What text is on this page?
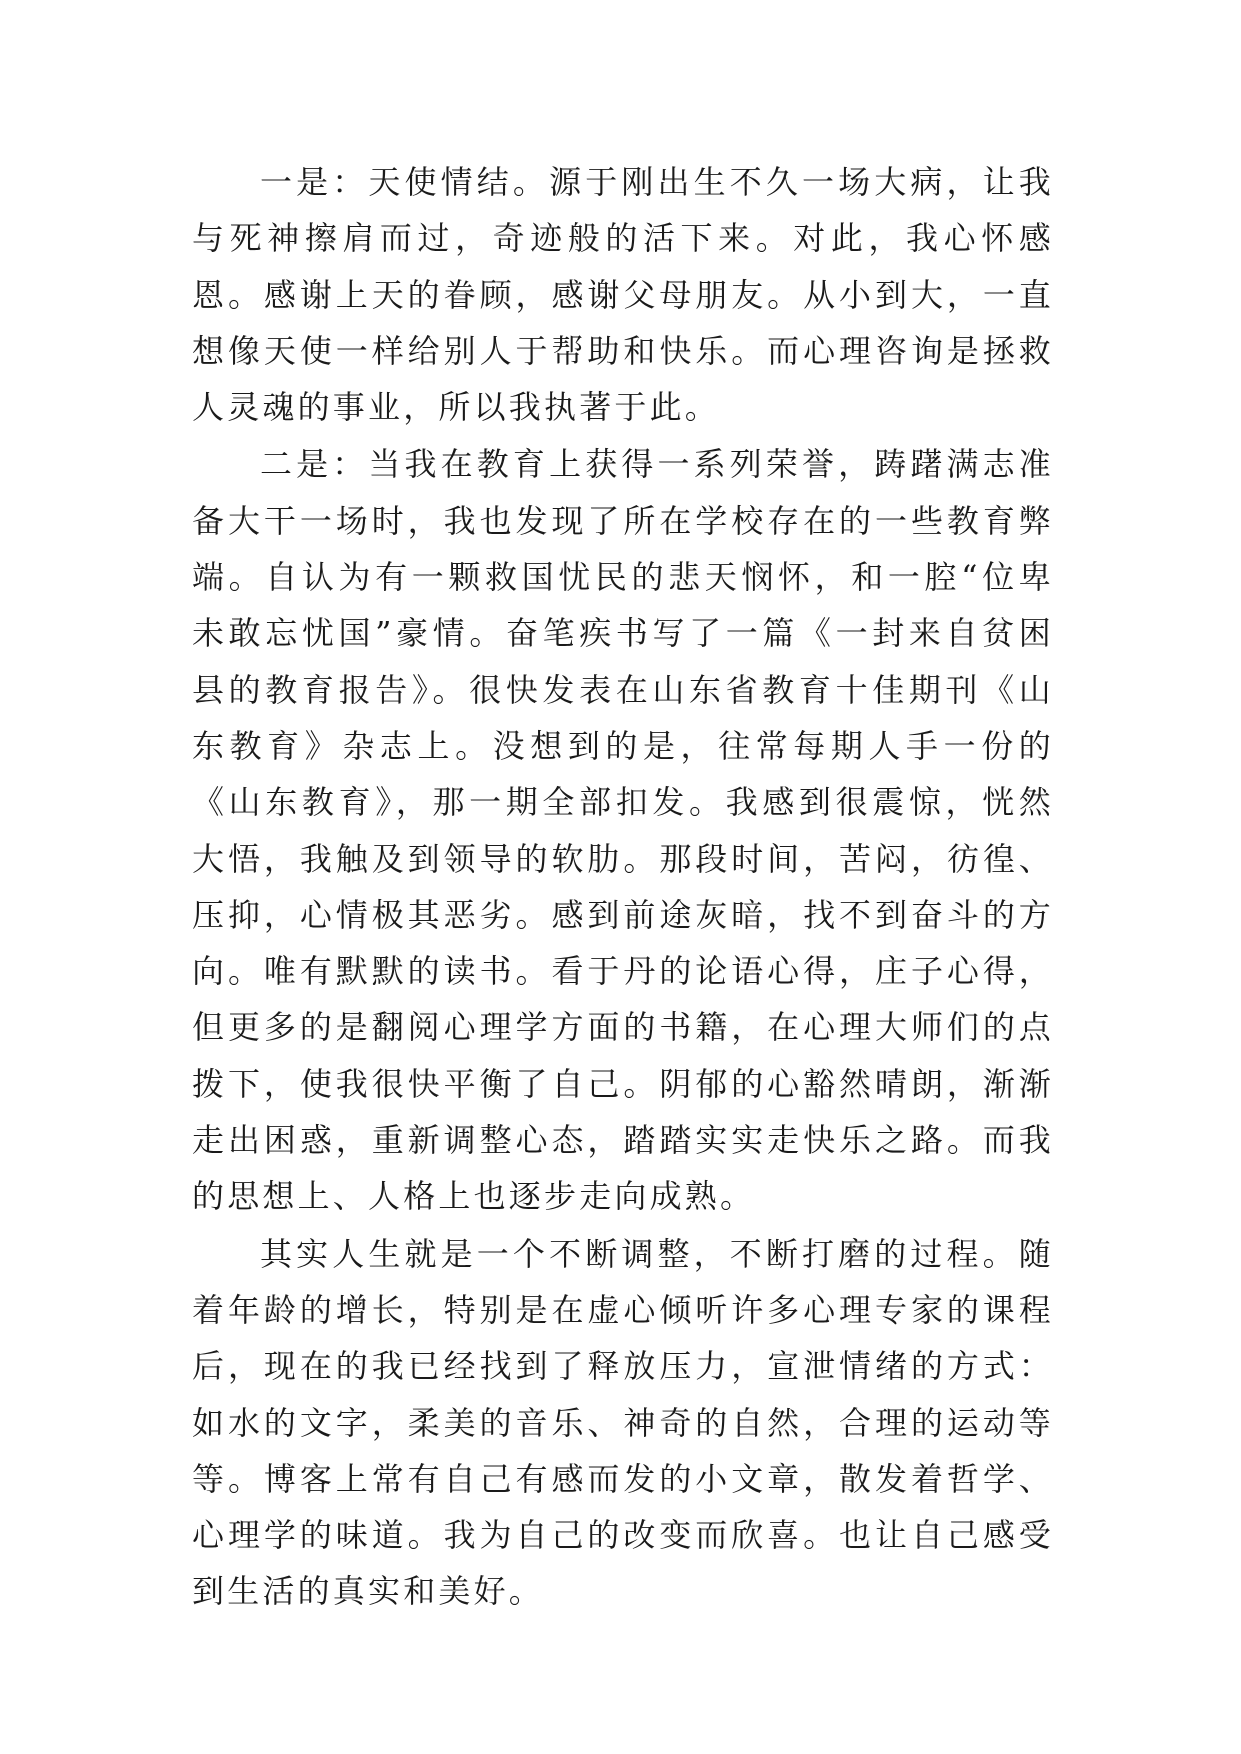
一是：天使情结。源于刚出生不久一场大病，让我与死神擦肩而过，奇迹般的活下来。对此，我心怀感恩。感谢上天的眷顾，感谢父母朋友。从小到大，一直想像天使一样给别人于帮助和快乐。而心理咨询是拯救人灵魂的事业，所以我执著于此。

二是：当我在教育上获得一系列荣誉，踌躇满志准备大干一场时，我也发现了所在学校存在的一些教育弊端。自认为有一颗救国忧民的悲天悯怀，和一腔“位卑未敢忘忧国”豪情。奋笔疾书写了一篇《一封来自贫困县的教育报告》。很快发表在山东省教育十佳期刊《山东教育》杂志上。没想到的是，往常每期人手一份的《山东教育》，那一期全部扣发。我感到很震惊，恍然大悟，我触及到领导的软肋。那段时间，苦闷，彷徨、压抑，心情极其恶劣。感到前途灰暗，找不到奋斗的方向。唯有默默的读书。看于丹的论语心得，庄子心得，但更多的是翻阅心理学方面的书籍，在心理大师们的点拨下，使我很快平衡了自己。阴郁的心豁然晴朗，渐渐走出困惑，重新调整心态，踏踏实实走快乐之路。而我的思想上、人格上也逐步走向成熟。

其实人生就是一个不断调整，不断打磨的过程。随着年龄的增长，特别是在虚心倾听许多心理专家的课程后，现在的我已经找到了释放压力，宣泄情绪的方式：如水的文字，柔美的音乐、神奇的自然，合理的运动等等。博客上常有自己有感而发的小文章，散发着哲学、心理学的味道。我为自己的改变而欣喜。也让自己感受到生活的真实和美好。
